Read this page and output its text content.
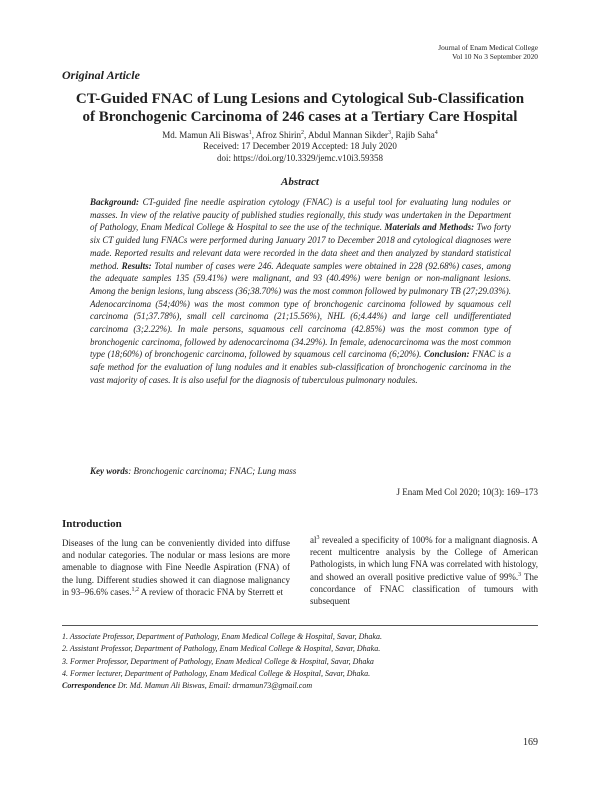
Journal of Enam Medical College
Vol 10 No 3 September 2020
Original Article
CT-Guided FNAC of Lung Lesions and Cytological Sub-Classification
of Bronchogenic Carcinoma of 246 cases at a Tertiary Care Hospital
Md. Mamun Ali Biswas$^1$, Afroz Shirin$^2$, Abdul Mannan Sikder$^3$, Rajib Saha$^4$
Received: 17 December 2019 Accepted: 18 July 2020
doi: https://doi.org/10.3329/jemc.v10i3.59358
Abstract
Background: CT-guided fine needle aspiration cytology (FNAC) is a useful tool for evaluating lung nodules or masses. In view of the relative paucity of published studies regionally, this study was undertaken in the Department of Pathology, Enam Medical College & Hospital to see the use of the technique. Materials and Methods: Two forty six CT guided lung FNACs were performed during January 2017 to December 2018 and cytological diagnoses were made. Reported results and relevant data were recorded in the data sheet and then analyzed by standard statistical method. Results: Total number of cases were 246. Adequate samples were obtained in 228 (92.68%) cases, among the adequate samples 135 (59.41%) were malignant, and 93 (40.49%) were benign or non-malignant lesions. Among the benign lesions, lung abscess (36;38.70%) was the most common followed by pulmonary TB (27;29.03%). Adenocarcinoma (54;40%) was the most common type of bronchogenic carcinoma followed by squamous cell carcinoma (51;37.78%), small cell carcinoma (21;15.56%), NHL (6;4.44%) and large cell undifferentiated carcinoma (3;2.22%). In male persons, squamous cell carcinoma (42.85%) was the most common type of bronchogenic carcinoma, followed by adenocarcinoma (34.29%). In female, adenocarcinoma was the most common type (18;60%) of bronchogenic carcinoma, followed by squamous cell carcinoma (6;20%). Conclusion: FNAC is a safe method for the evaluation of lung nodules and it enables sub-classification of bronchogenic carcinoma in the vast majority of cases. It is also useful for the diagnosis of tuberculous pulmonary nodules.
Key words: Bronchogenic carcinoma; FNAC; Lung mass
J Enam Med Col 2020; 10(3): 169–173
Introduction
Diseases of the lung can be conveniently divided into diffuse and nodular categories. The nodular or mass lesions are more amenable to diagnose with Fine Needle Aspiration (FNA) of the lung. Different studies showed it can diagnose malignancy in 93–96.6% cases.$^{1,2}$ A review of thoracic FNA by Sterrett et
$al^3$ revealed a specificity of 100% for a malignant diagnosis. A recent multicentre analysis by the College of American Pathologists, in which lung FNA was correlated with histology, and showed an overall positive predictive value of 99%.$^3$ The concordance of FNAC classification of tumours with subsequent
1. Associate Professor, Department of Pathology, Enam Medical College & Hospital, Savar, Dhaka.
2. Assistant Professor, Department of Pathology, Enam Medical College & Hospital, Savar, Dhaka.
3. Former Professor, Department of Pathology, Enam Medical College & Hospital, Savar, Dhaka
4. Former lecturer, Department of Pathology, Enam Medical College & Hospital, Savar, Dhaka.
Correspondence Dr. Md. Mamun Ali Biswas, Email: drmamun73@gmail.com
169
